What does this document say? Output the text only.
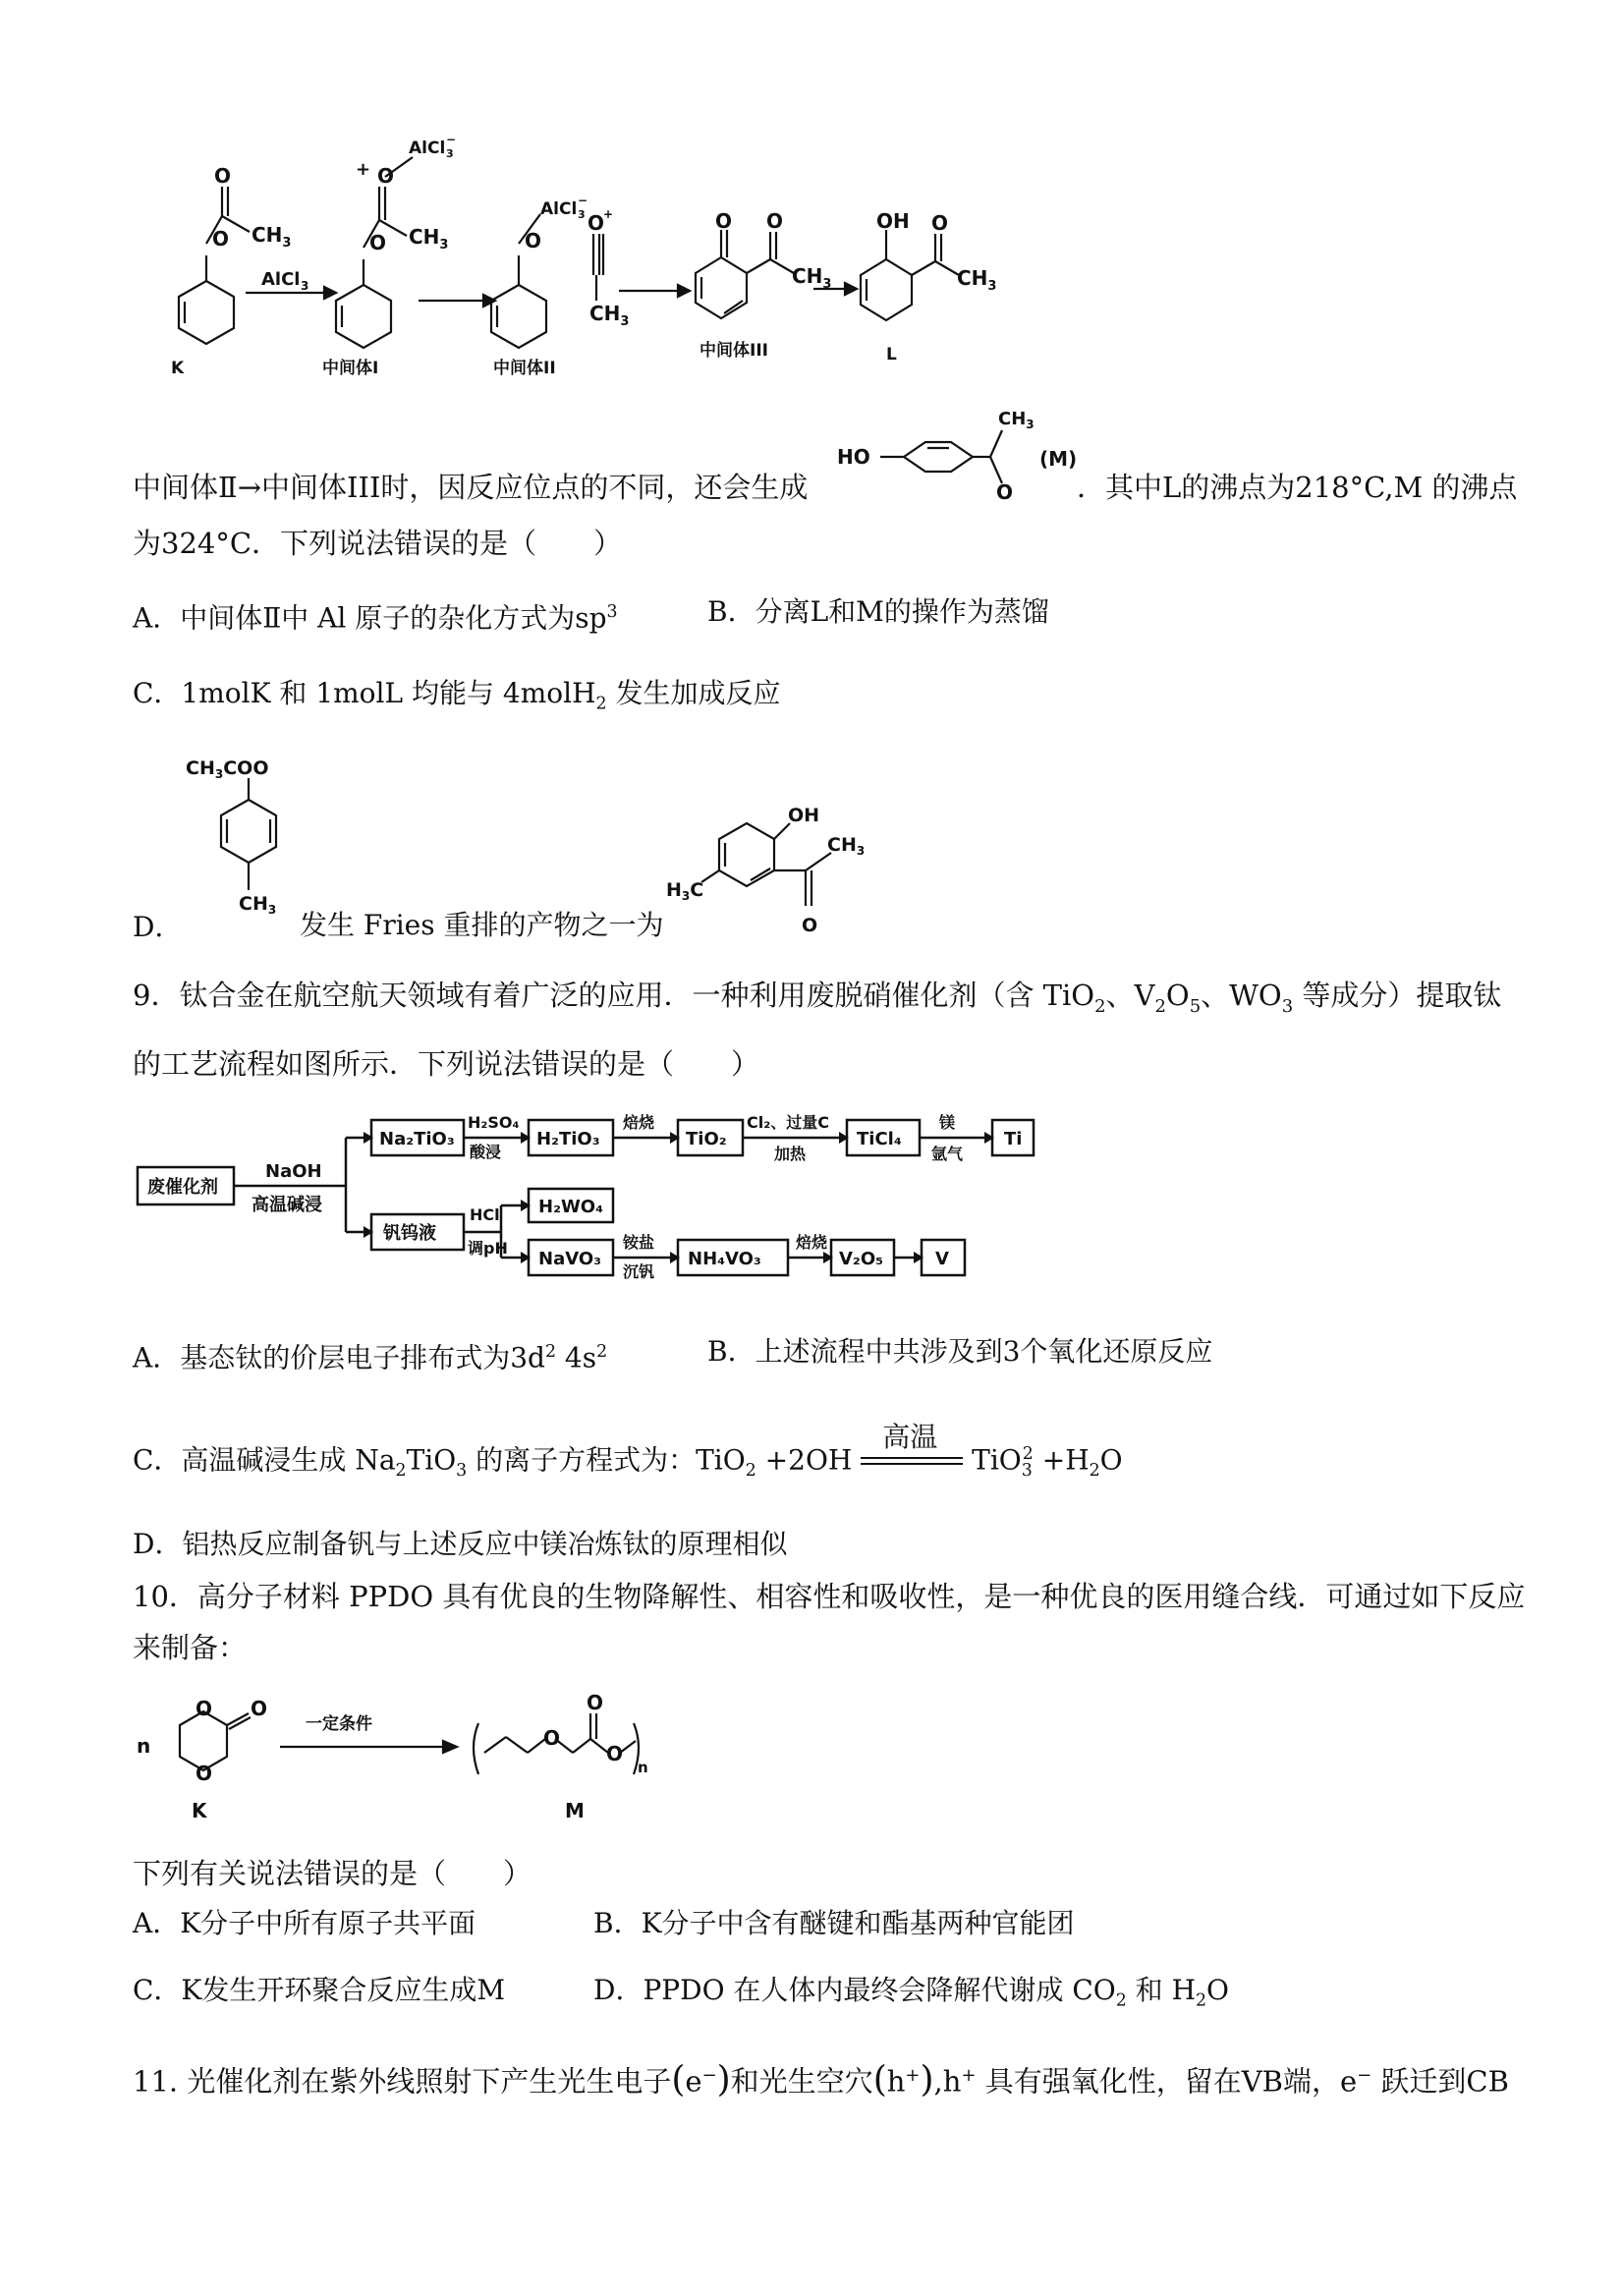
O
O
$CH_3$
AlCl 3
O
O
+
AlCl 3
−
$CH_3$	O
AlCl 3
−
O
+
$CH_3$
O O
$CH_3$
OH O
$CH_3$
K	中间体I	中间体II
中间体III	L
中间体Ⅱ→中间体III时，因反应位点的不同，还会生成
HO
$CH_3$
O
(M)
．其中L的沸点为218°C,M 的沸点
为324°C．下列说法错误的是（　　）
A．中间体Ⅱ中 Al 原子的杂化方式为$sp^3$	B．分离L和M的操作为蒸馏
C．1molK 和 1molL 均能与 4molH$_2$ 发生加成反应
$CH_3COO$
$CH_3$
D．	发生 Fries 重排的产物之一为
OH
$H_3C$
O
$CH_3$
9．钛合金在航空航天领域有着广泛的应用．一种利用废脱硝催化剂（含 TiO$_2$、$V_2O_5$、$WO_3$ 等成分）提取钛
的工艺流程如图所示．下列说法错误的是（　　）
废催化剂
NaOH
高温碱浸
Na₂TiO₃
H₂SO₄
酸浸
H₂TiO₃
焙烧
TiO₂
Cl₂、过量C
加热
TiCl₄
镁
氩气
Ti
钒钨液
HCl
调pH
H₂WO₄
NaVO₃
铵盐
沉钒
NH₄VO₃
焙烧
V₂O₅	V
A．基态钛的价层电子排布式为$3d^2$ $4s^2$	B．上述流程中共涉及到3个氧化还原反应
C．高温碱浸生成 $Na_2TiO_3$ 的离子方程式为：TiO$_2$ +2OH
高温
$TiO_3^2 +H_2O$
D．铝热反应制备钒与上述反应中镁冶炼钛的原理相似
10．高分子材料 PPDO 具有优良的生物降解性、相容性和吸收性，是一种优良的医用缝合线．可通过如下反应
来制备：
n
O
O
O
K
一定条件
O
O
O
n
M
下列有关说法错误的是（　　）
A．K分子中所有原子共平面	B．K分子中含有醚键和酯基两种官能团
C．K发生开环聚合反应生成M	D．PPDO 在人体内最终会降解代谢成 $CO_2$ 和 $H_2O$
11. 光催化剂在紫外线照射下产生光生电子(e−)和光生空穴(h+),h+ 具有强氧化性，留在VB端，e− 跃迁到CB
